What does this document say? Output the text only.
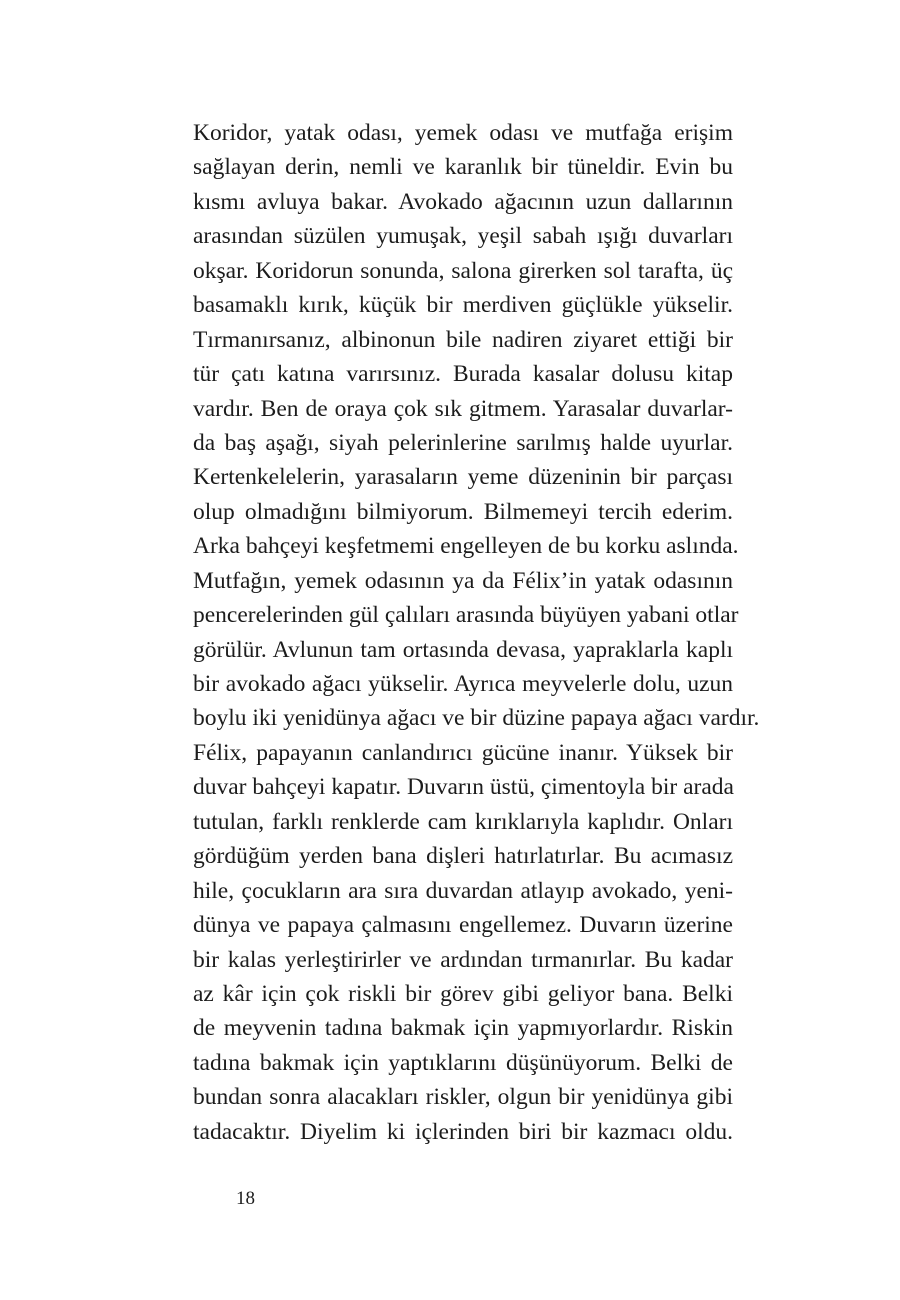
Koridor, yatak odası, yemek odası ve mutfağa erişim
sağlayan derin, nemli ve karanlık bir tüneldir. Evin bu
kısmı avluya bakar. Avokado ağacının uzun dallarının
arasından süzülen yumuşak, yeşil sabah ışığı duvarları
okşar. Koridorun sonunda, salona girerken sol tarafta, üç
basamaklı kırık, küçük bir merdiven güçlükle yükselir.
Tırmanırsanız, albinonun bile nadiren ziyaret ettiği bir
tür çatı katına varırsınız. Burada kasalar dolusu kitap
vardır. Ben de oraya çok sık gitmem. Yarasalar duvarlar-
da baş aşağı, siyah pelerinlerine sarılmış halde uyurlar.
Kertenkelelerin, yarasaların yeme düzeninin bir parçası
olup olmadığını bilmiyorum. Bilmemeyi tercih ederim.
Arka bahçeyi keşfetmemi engelleyen de bu korku aslında.
Mutfağın, yemek odasının ya da Félix’in yatak odasının
pencerelerinden gül çalıları arasında büyüyen yabani otlar
görülür. Avlunun tam ortasında devasa, yapraklarla kaplı
bir avokado ağacı yükselir. Ayrıca meyvelerle dolu, uzun
boylu iki yenidünya ağacı ve bir düzine papaya ağacı vardır.
Félix, papayanın canlandırıcı gücüne inanır. Yüksek bir
duvar bahçeyi kapatır. Duvarın üstü, çimentoyla bir arada
tutulan, farklı renklerde cam kırıklarıyla kaplıdır. Onları
gördüğüm yerden bana dişleri hatırlatırlar. Bu acımasız
hile, çocukların ara sıra duvardan atlayıp avokado, yeni-
dünya ve papaya çalmasını engellemez. Duvarın üzerine
bir kalas yerleştirirler ve ardından tırmanırlar. Bu kadar
az kâr için çok riskli bir görev gibi geliyor bana. Belki
de meyvenin tadına bakmak için yapmıyorlardır. Riskin
tadına bakmak için yaptıklarını düşünüyorum. Belki de
bundan sonra alacakları riskler, olgun bir yenidünya gibi
tadacaktır. Diyelim ki içlerinden biri bir kazmacı oldu.
18
